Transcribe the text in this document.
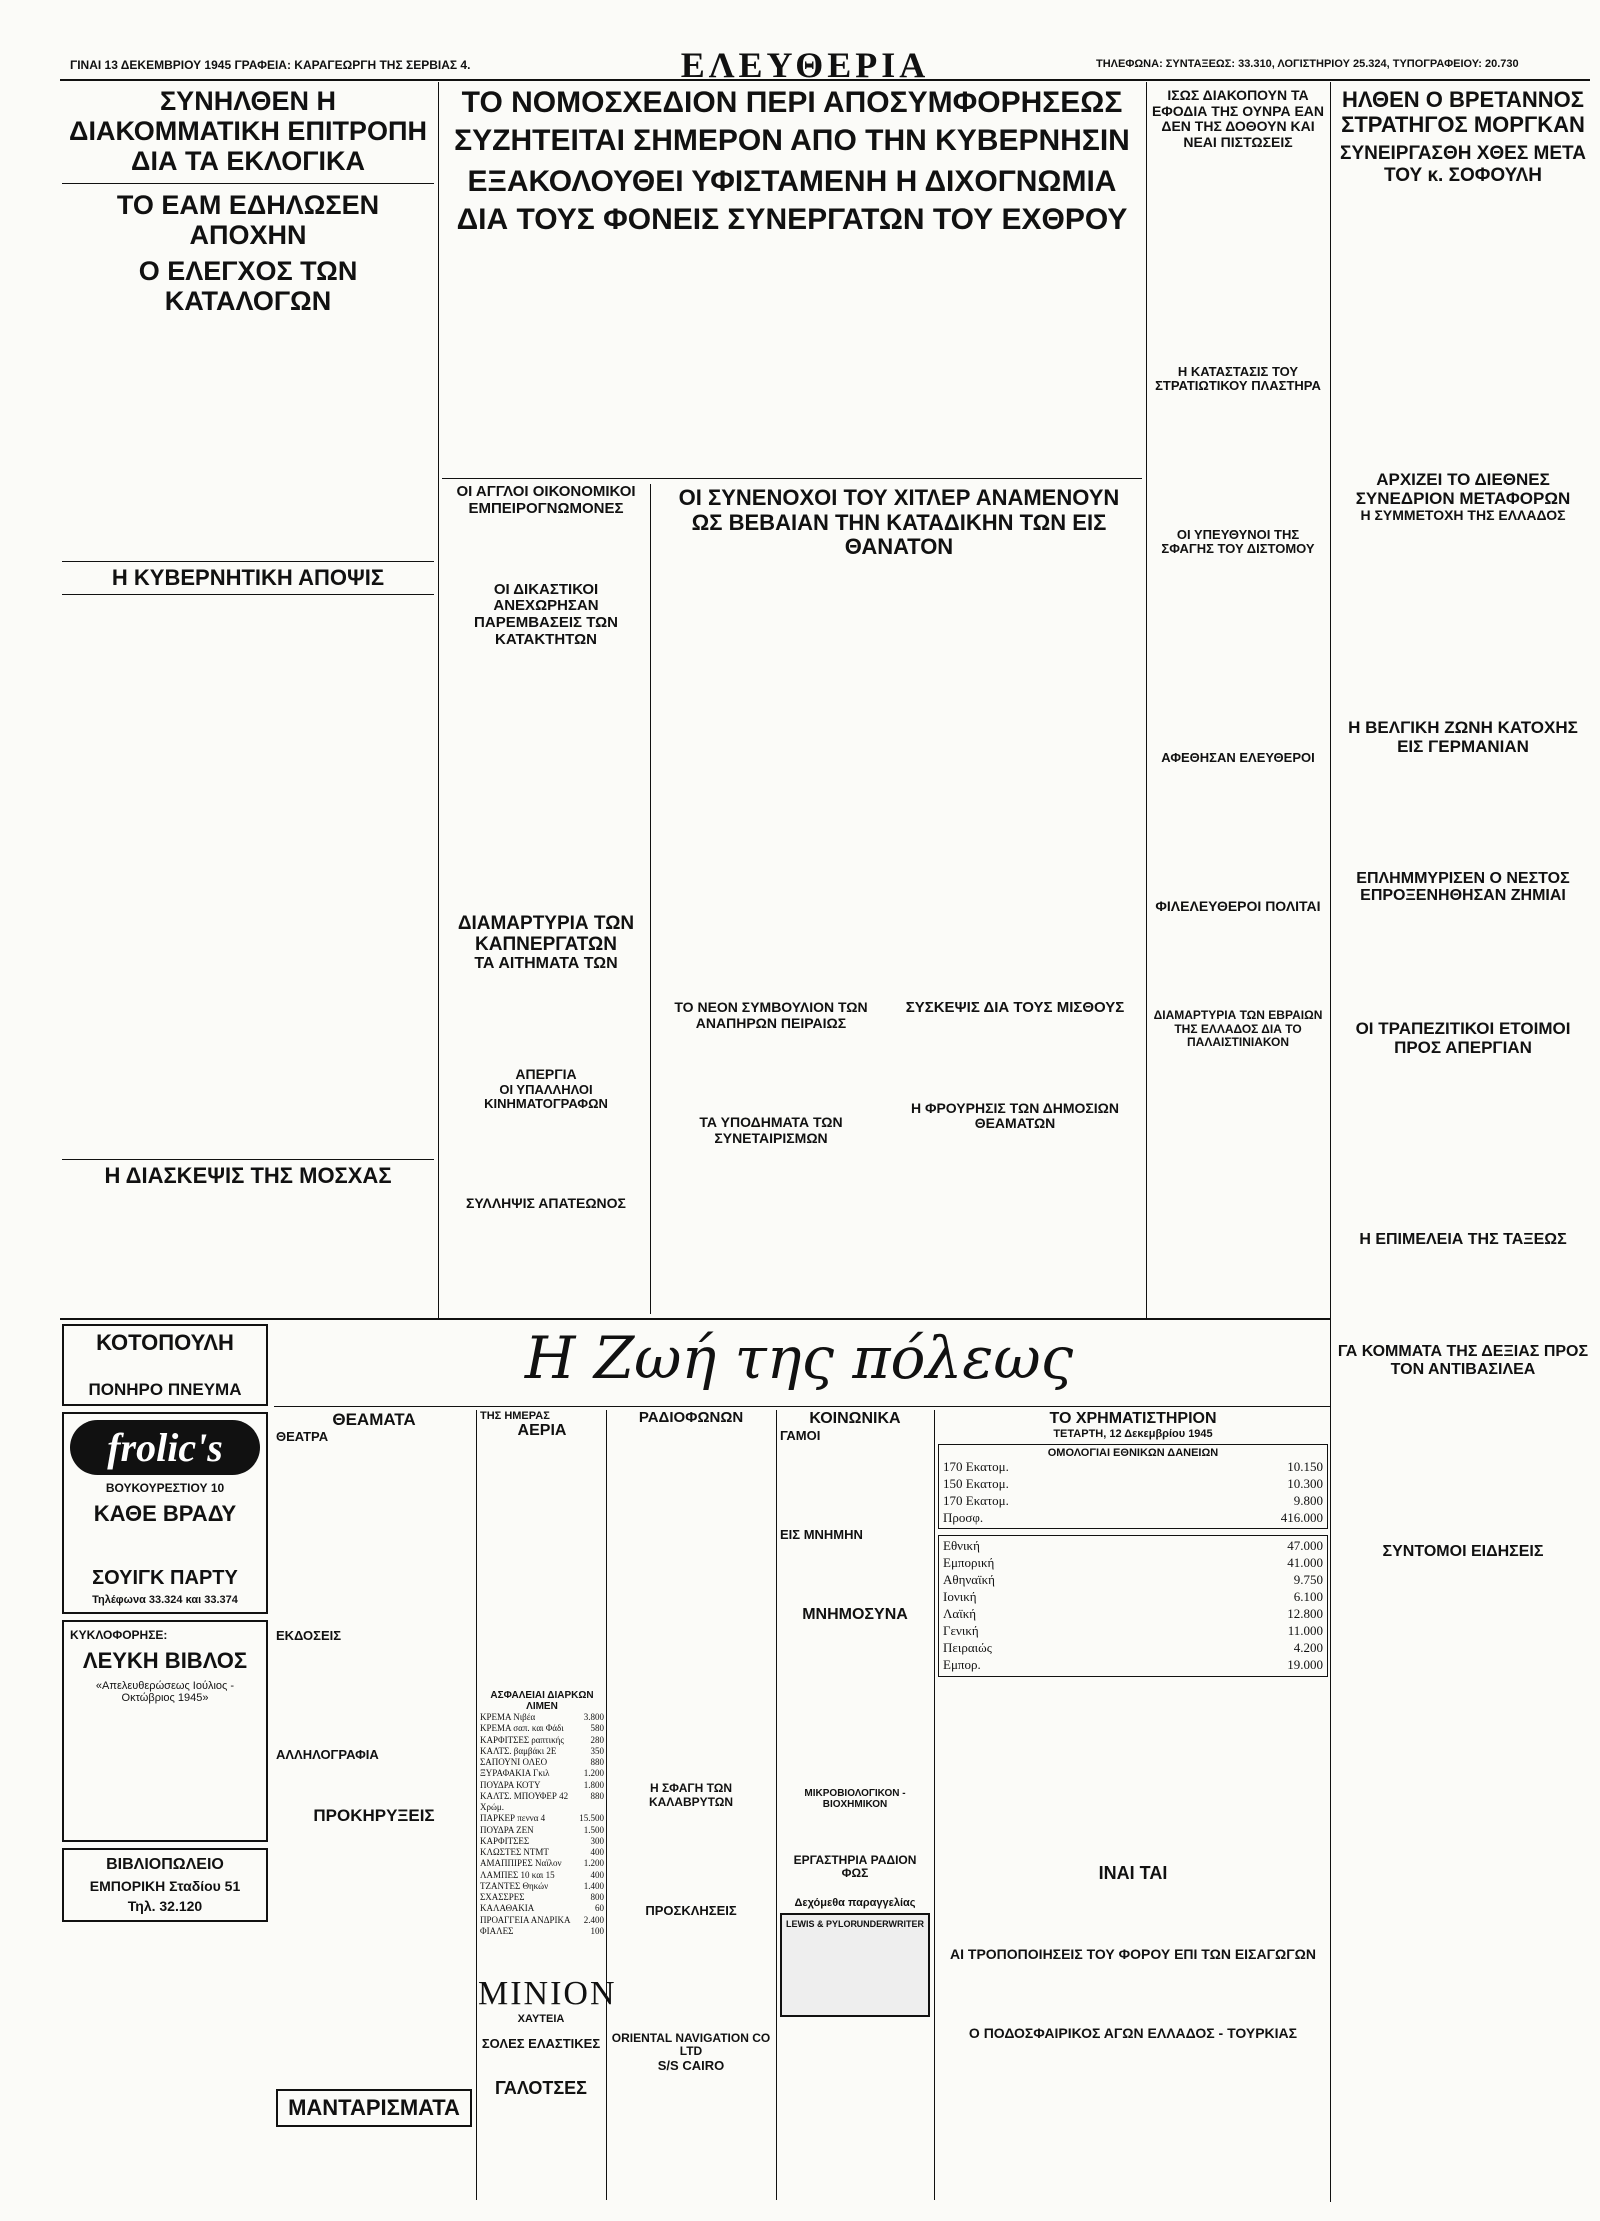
ΓΙΝΑΙ 13 ΔΕΚΕΜΒΡΙΟΥ 1945 ΓΡΑΦΕΙΑ: ΚΑΡΑΓΕΩΡΓΗ ΤΗΣ ΣΕΡΒΙΑΣ 4.	ΕΛΕΥΘΕΡΙΑ	ΤΗΛΕΦΩΝΑ: ΣΥΝΤΑΞΕΩΣ: 33.310, ΛΟΓΙΣΤΗΡΙΟΥ 25.324, ΤΥΠΟΓΡΑΦΕΙΟΥ: 20.730
ΣΥΝΗΛΘΕΝ Η ΔΙΑΚΟΜΜΑΤΙΚΗ ΕΠΙΤΡΟΠΗ ΔΙΑ ΤΑ ΕΚΛΟΓΙΚΑ
ΤΟ ΕΑΜ ΕΔΗΛΩΣΕΝ ΑΠΟΧΗΝ
Ο ΕΛΕΓΧΟΣ ΤΩΝ ΚΑΤΑΛΟΓΩΝ
Η ΚΥΒΕΡΝΗΤΙΚΗ ΑΠΟΨΙΣ
Η ΔΙΑΣΚΕΨΙΣ ΤΗΣ ΜΟΣΧΑΣ
ΤΟ ΝΟΜΟΣΧΕΔΙΟΝ ΠΕΡΙ ΑΠΟΣΥΜΦΟΡΗΣΕΩΣ
ΣΥΖΗΤΕΙΤΑΙ ΣΗΜΕΡΟΝ ΑΠΟ ΤΗΝ ΚΥΒΕΡΝΗΣΙΝ
ΕΞΑΚΟΛΟΥΘΕΙ ΥΦΙΣΤΑΜΕΝΗ Η ΔΙΧΟΓΝΩΜΙΑ
ΔΙΑ ΤΟΥΣ ΦΟΝΕΙΣ ΣΥΝΕΡΓΑΤΩΝ ΤΟΥ ΕΧΘΡΟΥ
ΟΙ ΑΓΓΛΟΙ ΟΙΚΟΝΟΜΙΚΟΙ ΕΜΠΕΙΡΟΓΝΩΜΟΝΕΣ
ΟΙ ΔΙΚΑΣΤΙΚΟΙ ΑΝΕΧΩΡΗΣΑΝ ΠΑΡΕΜΒΑΣΕΙΣ ΤΩΝ ΚΑΤΑΚΤΗΤΩΝ
ΔΙΑΜΑΡΤΥΡΙΑ ΤΩΝ ΚΑΠΝΕΡΓΑΤΩΝ
ΤΑ ΑΙΤΗΜΑΤΑ ΤΩΝ
ΑΠΕΡΓΙΑ
ΟΙ ΥΠΑΛΛΗΛΟΙ ΚΙΝΗΜΑΤΟΓΡΑΦΩΝ
ΣΥΛΛΗΨΙΣ ΑΠΑΤΕΩΝΟΣ
ΟΙ ΣΥΝΕΝΟΧΟΙ ΤΟΥ ΧΙΤΛΕΡ ΑΝΑΜΕΝΟΥΝ
ΩΣ ΒΕΒΑΙΑΝ ΤΗΝ ΚΑΤΑΔΙΚΗΝ ΤΩΝ ΕΙΣ ΘΑΝΑΤΟΝ
ΤΟ ΝΕΟΝ ΣΥΜΒΟΥΛΙΟΝ ΤΩΝ ΑΝΑΠΗΡΩΝ ΠΕΙΡΑΙΩΣ
ΤΑ ΥΠΟΔΗΜΑΤΑ ΤΩΝ ΣΥΝΕΤΑΙΡΙΣΜΩΝ
ΣΥΣΚΕΨΙΣ ΔΙΑ ΤΟΥΣ ΜΙΣΘΟΥΣ
Η ΦΡΟΥΡΗΣΙΣ ΤΩΝ ΔΗΜΟΣΙΩΝ ΘΕΑΜΑΤΩΝ
ΙΣΩΣ ΔΙΑΚΟΠΟΥΝ ΤΑ ΕΦΟΔΙΑ ΤΗΣ ΟΥΝΡΑ ΕΑΝ ΔΕΝ ΤΗΣ ΔΟΘΟΥΝ ΚΑΙ ΝΕΑΙ ΠΙΣΤΩΣΕΙΣ
Η ΚΑΤΑΣΤΑΣΙΣ ΤΟΥ ΣΤΡΑΤΙΩΤΙΚΟΥ ΠΛΑΣΤΗΡΑ
ΟΙ ΥΠΕΥΘΥΝΟΙ ΤΗΣ ΣΦΑΓΗΣ ΤΟΥ ΔΙΣΤΟΜΟΥ
ΑΦΕΘΗΣΑΝ ΕΛΕΥΘΕΡΟΙ
ΦΙΛΕΛΕΥΘΕΡΟΙ ΠΟΛΙΤΑΙ
ΔΙΑΜΑΡΤΥΡΙΑ ΤΩΝ ΕΒΡΑΙΩΝ ΤΗΣ ΕΛΛΑΔΟΣ ΔΙΑ ΤΟ ΠΑΛΑΙΣΤΙΝΙΑΚΟΝ
ΗΛΘΕΝ Ο ΒΡΕΤΑΝΝΟΣ ΣΤΡΑΤΗΓΟΣ ΜΟΡΓΚΑΝ
ΣΥΝΕΙΡΓΑΣΘΗ ΧΘΕΣ ΜΕΤΑ ΤΟΥ κ. ΣΟΦΟΥΛΗ
ΑΡΧΙΖΕΙ ΤΟ ΔΙΕΘΝΕΣ ΣΥΝΕΔΡΙΟΝ ΜΕΤΑΦΟΡΩΝ
Η ΣΥΜΜΕΤΟΧΗ ΤΗΣ ΕΛΛΑΔΟΣ
Η ΒΕΛΓΙΚΗ ΖΩΝΗ ΚΑΤΟΧΗΣ ΕΙΣ ΓΕΡΜΑΝΙΑΝ
ΕΠΛΗΜΜΥΡΙΣΕΝ Ο ΝΕΣΤΟΣ ΕΠΡΟΞΕΝΗΘΗΣΑΝ ΖΗΜΙΑΙ
ΟΙ ΤΡΑΠΕΖΙΤΙΚΟΙ ΕΤΟΙΜΟΙ ΠΡΟΣ ΑΠΕΡΓΙΑΝ
Η ΕΠΙΜΕΛΕΙΑ ΤΗΣ ΤΑΞΕΩΣ
ΓΑ ΚΟΜΜΑΤΑ ΤΗΣ ΔΕΞΙΑΣ ΠΡΟΣ ΤΟΝ ΑΝΤΙΒΑΣΙΛΕΑ
ΣΥΝΤΟΜΟΙ ΕΙΔΗΣΕΙΣ
ΚΟΤΟΠΟΥΛΗ
ΠΟΝΗΡΟ ΠΝΕΥΜΑ
frolic's
ΒΟΥΚΟΥΡΕΣΤΙΟΥ 10
ΚΑΘΕ ΒΡΑΔΥ
ΣΟΥΙΓΚ ΠΑΡΤΥ
Τηλέφωνα 33.324 και 33.374
ΚΥΚΛΟΦΟΡΗΣΕ:
ΛΕΥΚΗ ΒΙΒΛΟΣ
«Απελευθερώσεως Ιούλιος - Οκτώβριος 1945»
ΒΙΒΛΙΟΠΩΛΕΙΟ
ΕΜΠΟΡΙΚΗ Σταδίου 51
Τηλ. 32.120
Η Ζωή της πόλεως
ΘΕΑΜΑΤΑ
ΘΕΑΤΡΑ
ΕΚΔΟΣΕΙΣ
ΑΛΛΗΛΟΓΡΑΦΙΑ
ΠΡΟΚΗΡΥΞΕΙΣ
ΜΑΝΤΑΡΙΣΜΑΤΑ
ΤΗΣ ΗΜΕΡΑΣ
ΑΕΡΙΑ
ΑΣΦΑΛΕΙΑΙ ΔΙΑΡΚΩΝ ΛΙΜΕΝ
ΚΡΕΜΑ Νιβέα	3.800
ΚΡΕΜΑ σαπ. και Φάδι	580
ΚΑΡΦΙΤΣΕΣ ραπτικής	280
ΚΑΛΤΣ. βαμβάκι 2Ε	350
ΣΑΠΟΥΝΙ ΟΛΕΟ	880
ΞΥΡΑΦΑΚΙΑ Γκιλ	1.200
ΠΟΥΔΡΑ ΚΟΤΥ	1.800
ΚΑΛΤΣ. ΜΠΟΥΦΕΡ 42 Χρώμ.
880
ΠΑΡΚΕΡ πεννα 4	15.500
ΠΟΥΔΡΑ ΖΕΝ	1.500
ΚΑΡΦΙΤΣΕΣ	300
ΚΛΩΣΤΕΣ ΝΤΜΤ	400
ΑΜΑΠΠΙΡΕΣ Ναϊλον 1.200
ΛΑΜΠΕΣ 10 και 15	400
ΤΖΑΝΤΕΣ Θηκών	1.400
ΣΧΑΣΣΡΕΣ	800
ΚΑΛΑΘΑΚΙΑ	60
ΠΡΟΑΓΓΕΙΑ ΑΝΔΡΙΚΑ 2.400
ΦΙΑΛΕΣ	100
ΜΙΝΙΟΝ
ΧΑΥΤΕΙΑ
ΣΟΛΕΣ ΕΛΑΣΤΙΚΕΣ
ΓΑΛΟΤΣΕΣ
ΡΑΔΙΟΦΩΝΩΝ
Η ΣΦΑΓΗ ΤΩΝ ΚΑΛΑΒΡΥΤΩΝ
ΠΡΟΣΚΛΗΣΕΙΣ
ORIENTAL NAVIGATION CO LTD
S/S CAIRO
ΚΟΙΝΩΝΙΚΑ
ΓΑΜΟΙ
ΕΙΣ ΜΝΗΜΗΝ
ΜΝΗΜΟΣΥΝΑ
ΜΙΚΡΟΒΙΟΛΟΓΙΚΟΝ - ΒΙΟΧΗΜΙΚΟΝ
ΕΡΓΑΣΤΗΡΙΑ ΡΑΔΙΟΝ ΦΩΣ
Δεχόμεθα παραγγελίας
UNDERWRITER
LEWIS & PYLOR
ΤΟ ΧΡΗΜΑΤΙΣΤΗΡΙΟΝ
ΤΕΤΑΡΤΗ, 12 Δεκεμβρίου 1945
ΟΜΟΛΟΓΙΑΙ ΕΘΝΙΚΩΝ ΔΑΝΕΙΩΝ
170 Εκατομ.	10.150
150 Εκατομ.	10.300
170 Εκατομ.	9.800
Προσφ.	416.000
Εθνική	47.000
Εμπορική	41.000
Αθηναϊκή	9.750
Ιονική	6.100
Λαϊκή	12.800
Γενική	11.000
Πειραιώς	4.200
Εμπορ.	19.000
ΙΝΑΙ ΤΑΙ
ΑΙ ΤΡΟΠΟΠΟΙΗΣΕΙΣ ΤΟΥ ΦΟΡΟΥ ΕΠΙ ΤΩΝ ΕΙΣΑΓΩΓΩΝ
Ο ΠΟΔΟΣΦΑΙΡΙΚΟΣ ΑΓΩΝ ΕΛΛΑΔΟΣ - ΤΟΥΡΚΙΑΣ
